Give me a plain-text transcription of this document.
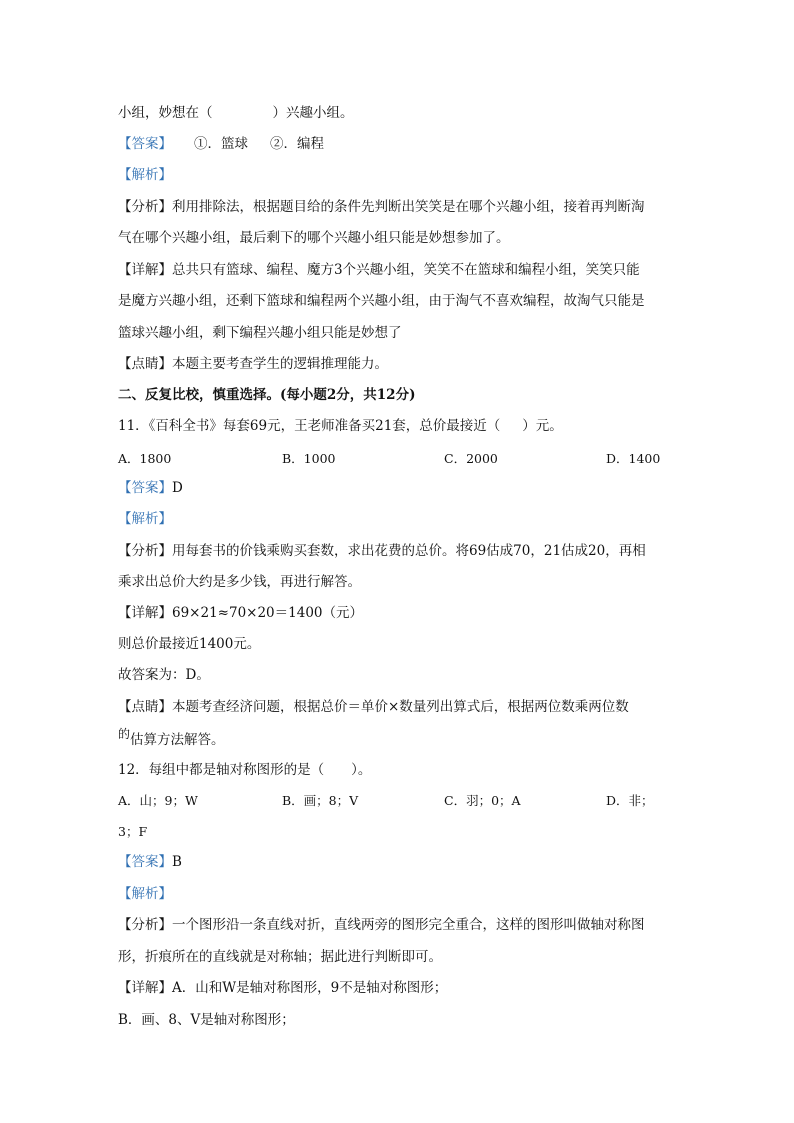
小组，妙想在（	）兴趣小组。
【答案】 ①．篮球 ②．编程
【解析】
【分析】利用排除法，根据题目给的条件先判断出笑笑是在哪个兴趣小组，接着再判断淘
气在哪个兴趣小组，最后剩下的哪个兴趣小组只能是妙想参加了。
【详解】总共只有篮球、编程、魔方3个兴趣小组，笑笑不在篮球和编程小组，笑笑只能
是魔方兴趣小组，还剩下篮球和编程两个兴趣小组，由于淘气不喜欢编程，故淘气只能是
篮球兴趣小组，剩下编程兴趣小组只能是妙想了
【点睛】本题主要考查学生的逻辑推理能力。
二、反复比校，慎重选择。(每小题2分，共12分)
11．《百科全书》每套69元，王老师准备买21套，总价最接近（ ）元。
A．1800	B．1000	C．2000	D．1400
【答案】D
【解析】
【分析】用每套书的价钱乘购买套数，求出花费的总价。将69估成70，21估成20，再相
乘求出总价大约是多少钱，再进行解答。
【详解】69×21≈70×20＝1400（元）
则总价最接近1400元。
故答案为：D。
【点睛】本题考查经济问题，根据总价＝单价×数量列出算式后，根据两位数乘两位数
的估算方法解答。
12．每组中都是轴对称图形的是（　　）。
A．山；9；W	B．画；8；V	C．羽；0；A	D．非；
3；F
【答案】B
【解析】
【分析】一个图形沿一条直线对折，直线两旁的图形完全重合，这样的图形叫做轴对称图
形，折痕所在的直线就是对称轴；据此进行判断即可。
【详解】A．山和W是轴对称图形，9不是轴对称图形；
B．画、8、V是轴对称图形；
